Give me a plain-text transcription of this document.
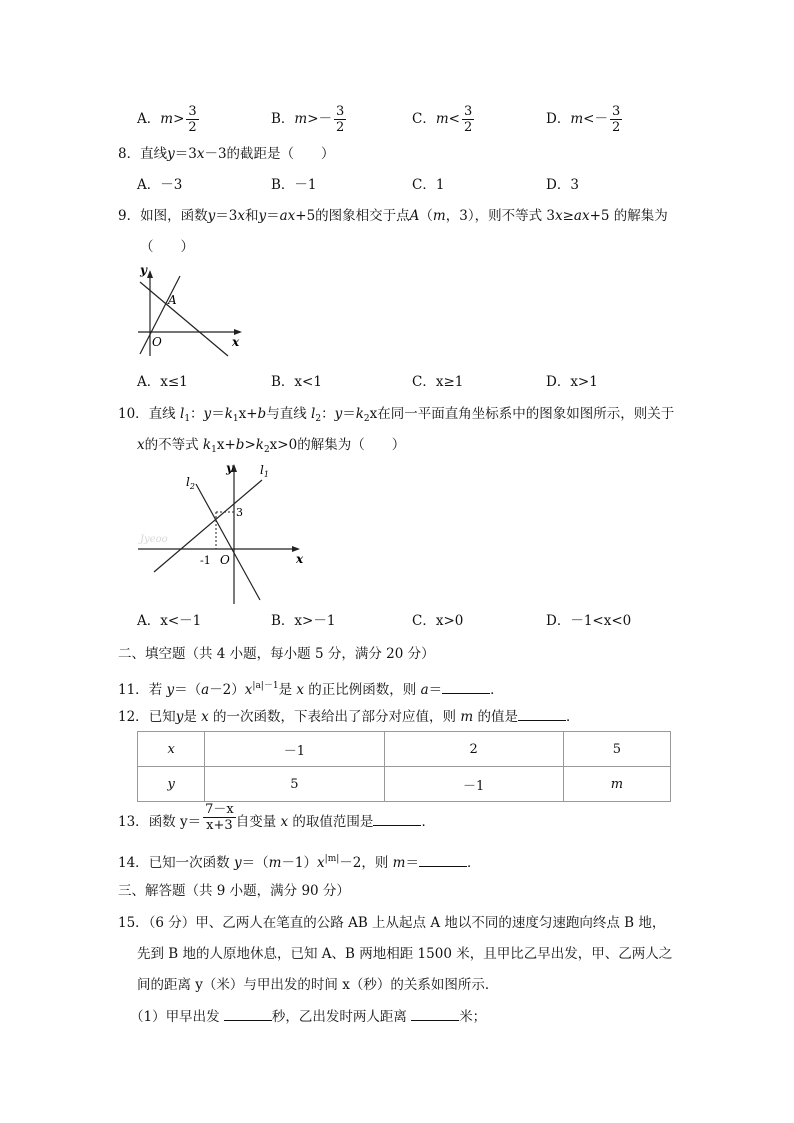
A．$m> \frac{3}{2}$	B．$m>- \frac{3}{2}$	C．$m< \frac{3}{2}$	D．$m<- \frac{3}{2}$
8．直线y＝3x－3的截距是（　　）
A．－3	B．－1	C．1	D．3
9．如图，函数y＝3x和y＝ax+5的图象相交于点A（m，3），则不等式 3x≥ax+5 的解集为
（　　）
y
x
O
A
A．x≤1	B．x<1	C．x≥1	D．x>1
10．直线 $l_1$：$y=k_1x+b$与直线 $l_2$：$y=k_2x$在同一平面直角坐标系中的图象如图所示，则关于
x的不等式 $k_1x+b>k_2x>0$的解集为（　　）
Jyeoo
y
x
O
3
-1
$l_1$
$l_2$
A．x<－1	B．x>－1	C．x>0	D．－1<x<0
二、填空题（共 4 小题，每小题 5 分，满分 20 分）
11．若 $y=(a-2)x^{|a|-1}$是 x 的正比例函数，则 a＝	．
12．已知y是 x 的一次函数，下表给出了部分对应值，则 m 的值是	．
x	－1	2	5
y	5	－1	m
13．函数 $y= \frac{7-x}{x+3}$ 自变量 x 的取值范围是	．
14．已知一次函数 $y=(m-1)x^{|m|}-2$，则 m＝	．
三、解答题（共 9 小题，满分 90 分）
15．（6 分）甲、乙两人在笔直的公路 AB 上从起点 A 地以不同的速度匀速跑向终点 B 地，
先到 B 地的人原地休息，已知 A、B 两地相距 1500 米，且甲比乙早出发，甲、乙两人之
间的距离 y（米）与甲出发的时间 x（秒）的关系如图所示．
（1）甲早出发	秒，乙出发时两人距离	米；
